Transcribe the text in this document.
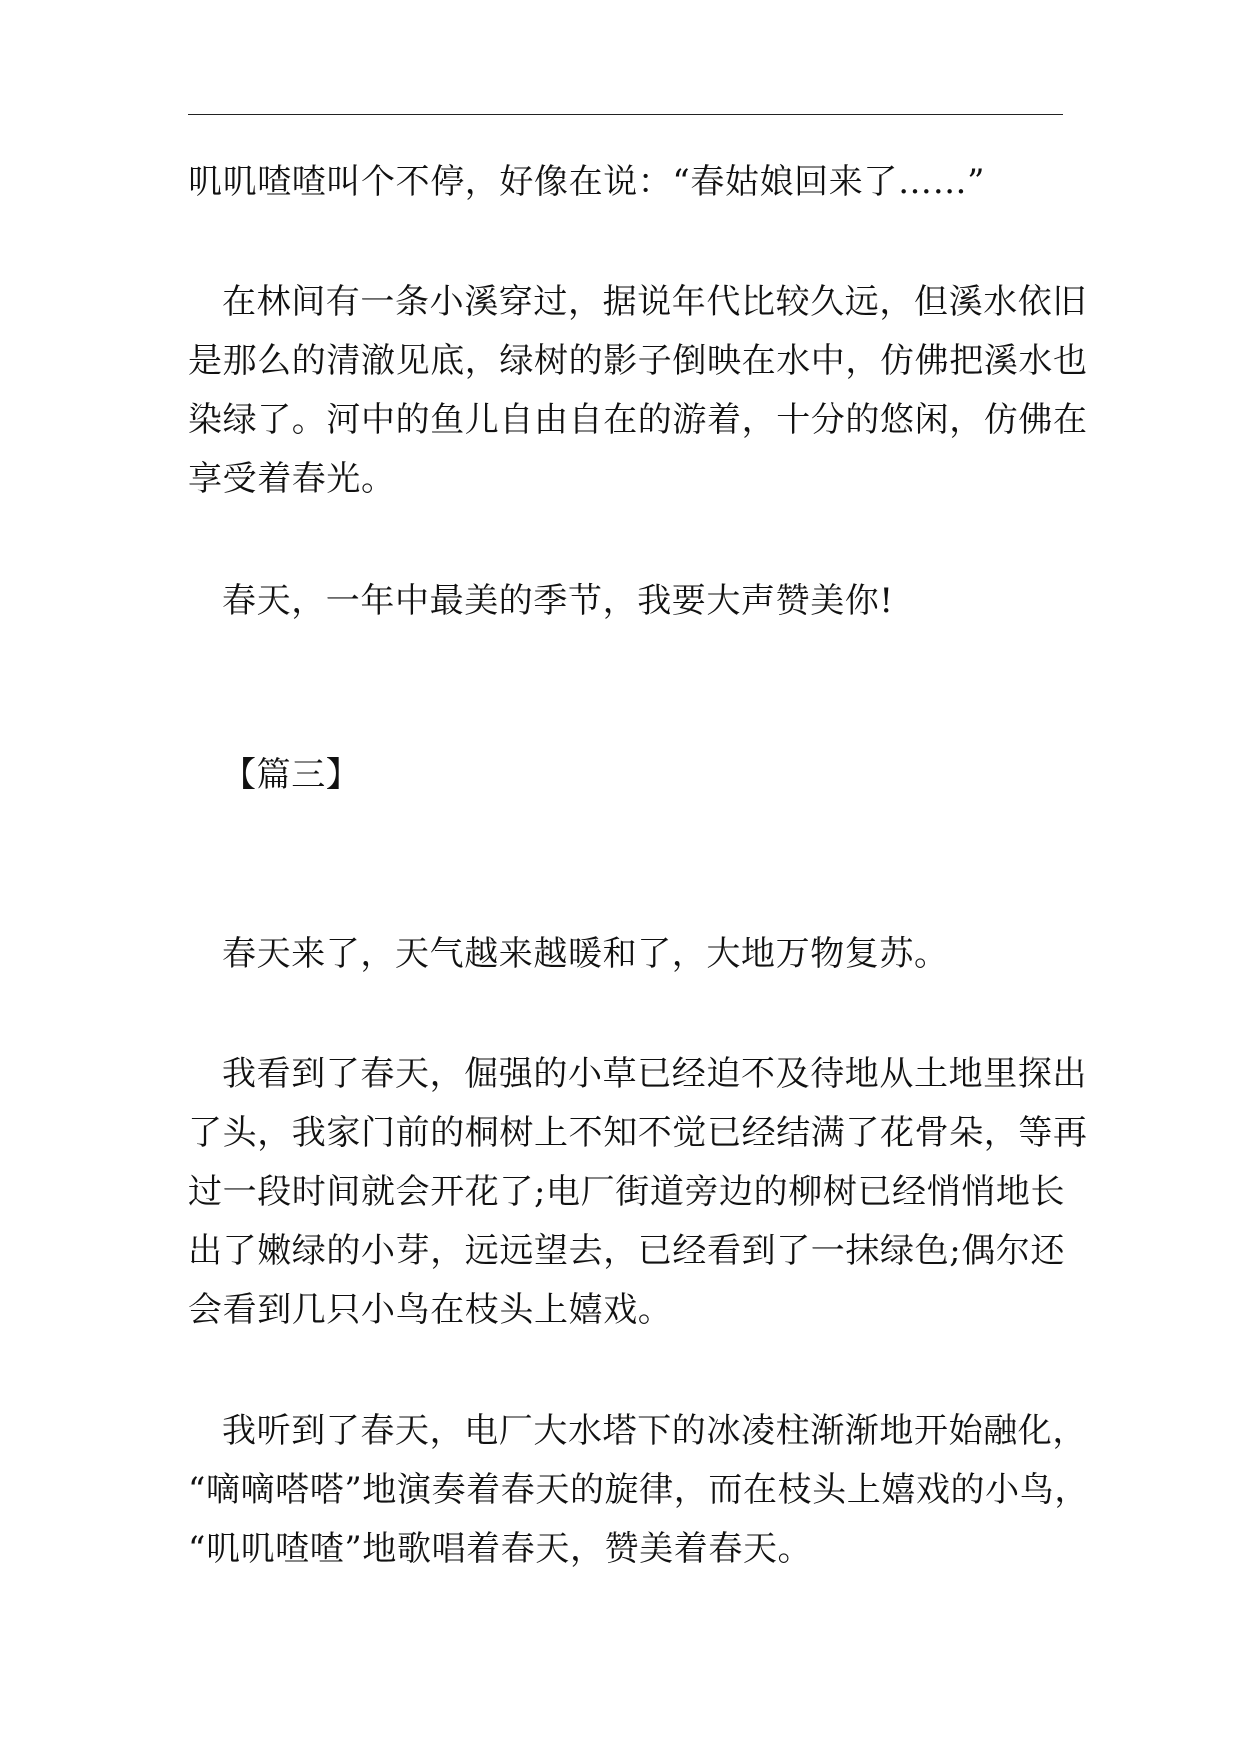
叽叽喳喳叫个不停，好像在说：“春姑娘回来了……”
在林间有一条小溪穿过，据说年代比较久远，但溪水依旧
是那么的清澈见底，绿树的影子倒映在水中，仿佛把溪水也
染绿了。河中的鱼儿自由自在的游着，十分的悠闲，仿佛在
享受着春光。
春天，一年中最美的季节，我要大声赞美你!
【篇三】
春天来了，天气越来越暖和了，大地万物复苏。
我看到了春天，倔强的小草已经迫不及待地从土地里探出
了头，我家门前的桐树上不知不觉已经结满了花骨朵，等再
过一段时间就会开花了;电厂街道旁边的柳树已经悄悄地长
出了嫩绿的小芽，远远望去，已经看到了一抹绿色;偶尔还
会看到几只小鸟在枝头上嬉戏。
我听到了春天，电厂大水塔下的冰凌柱渐渐地开始融化，
“嘀嘀嗒嗒”地演奏着春天的旋律，而在枝头上嬉戏的小鸟，
“叽叽喳喳”地歌唱着春天，赞美着春天。
